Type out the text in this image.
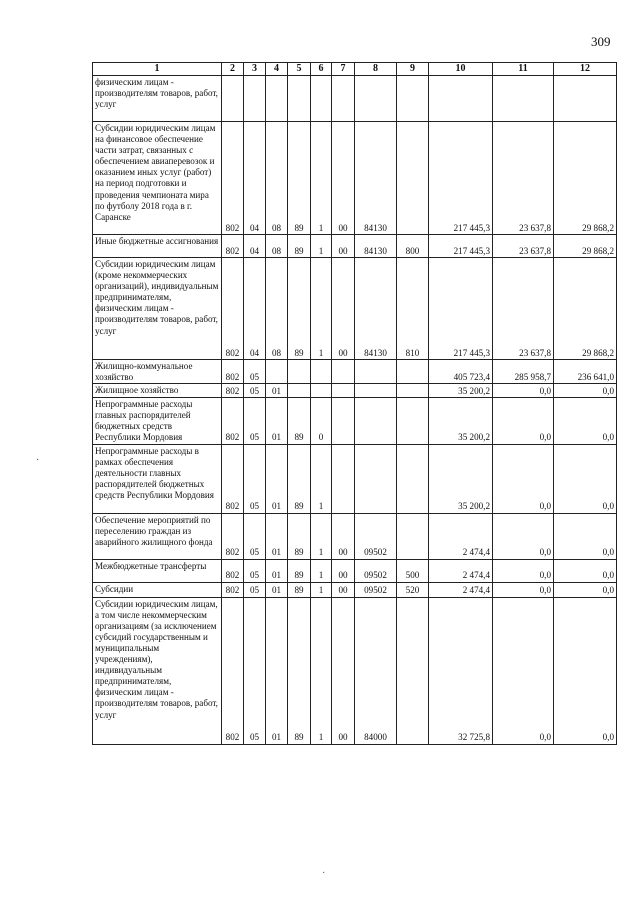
309
1	2	3	4	5	6	7	8	9	10	11	12
физическим лицам - производителям товаров, работ, услуг											
Субсидии юридическим лицам на финансовое обеспечение части затрат, связанных с обеспечением авиаперевозок и оказанием иных услуг (работ) на период подготовки и проведения чемпионата мира по футболу 2018 года в г. Саранске	802	04	08	89	1	00	84130		217 445,3	23 637,8	29 868,2
Иные бюджетные ассигнования	802	04	08	89	1	00	84130	800	217 445,3	23 637,8	29 868,2
Субсидии юридическим лицам (кроме некоммерческих организаций), индивидуальным предпринимателям, физическим лицам - производителям товаров, работ, услуг	802	04	08	89	1	00	84130	810	217 445,3	23 637,8	29 868,2
Жилищно-коммунальное хозяйство	802	05							405 723,4	285 958,7	236 641,0
Жилищное хозяйство	802	05	01						35 200,2	0,0	0,0
Непрограммные расходы главных распорядителей бюджетных средств Республики Мордовия	802	05	01	89	0				35 200,2	0,0	0,0
Непрограммные расходы в рамках обеспечения деятельности главных распорядителей бюджетных средств Республики Мордовия	802	05	01	89	1				35 200,2	0,0	0,0
Обеспечение мероприятий по переселению граждан из аварийного жилищного фонда	802	05	01	89	1	00	09502		2 474,4	0,0	0,0
Межбюджетные трансферты	802	05	01	89	1	00	09502	500	2 474,4	0,0	0,0
Субсидии	802	05	01	89	1	00	09502	520	2 474,4	0,0	0,0
Субсидии юридическим лицам, а том числе некоммерческим организациям (за исключением субсидий государственным и муниципальным учреждениям), индивидуальным предпринимателям, физическим лицам - производителям товаров, работ, услуг	802	05	01	89	1	00	84000		32 725,8	0,0	0,0
·
·
